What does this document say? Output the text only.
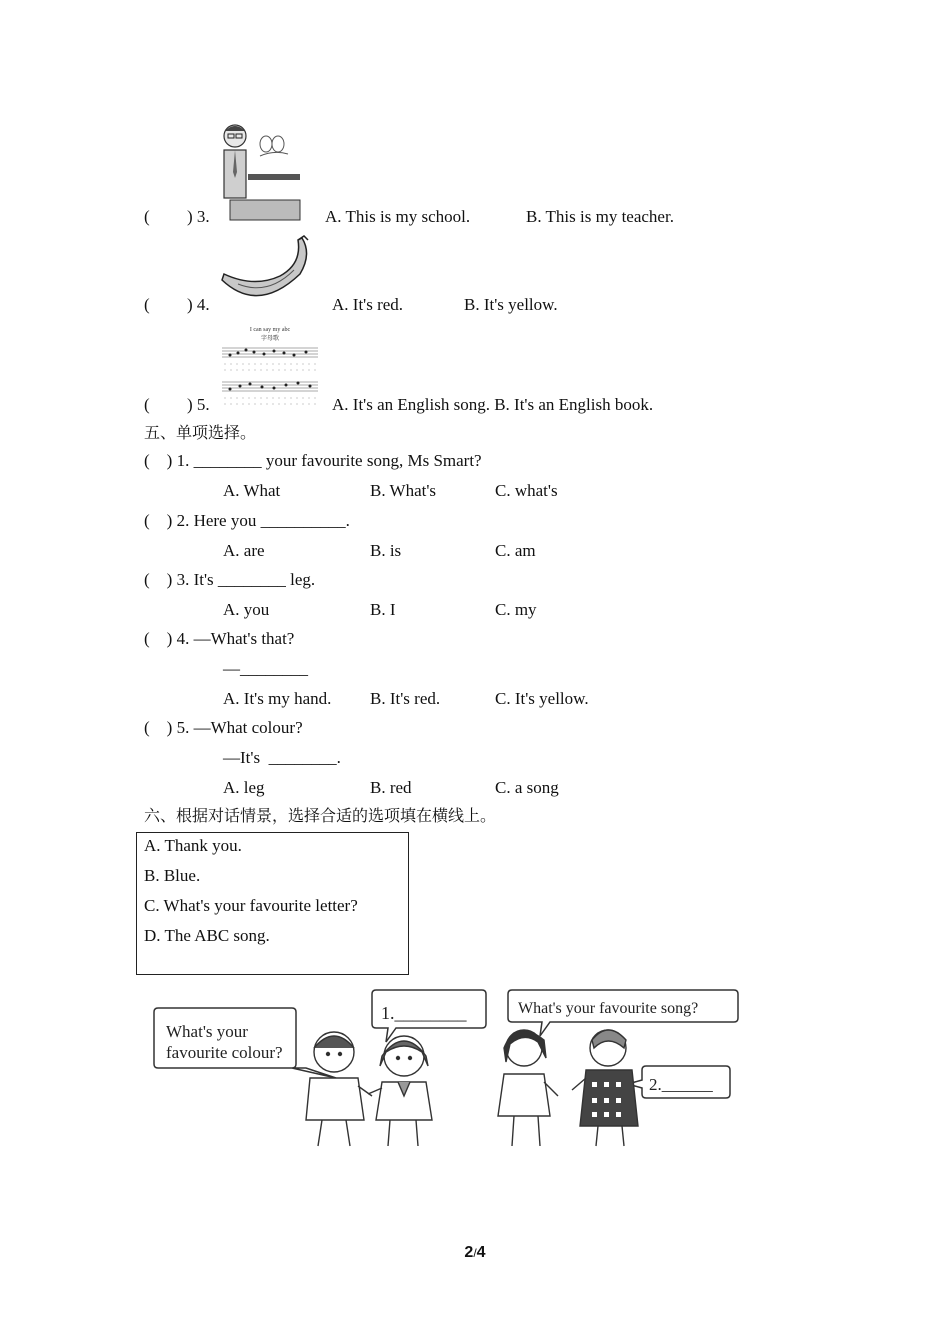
( ) 3.	A. This is my school.	B. This is my teacher.
( ) 4.	A. It's red.	B. It's yellow.
I can say my abc
字母歌
( ) 5.	A. It's an English song. B. It's an English book.
五、单项选择。
(    ) 1. ________ your favourite song, Ms Smart?
A. What	B. What's	C. what's
(    ) 2. Here you __________.
A. are	B. is	C. am
(    ) 3. It's ________ leg.
A. you	B. I	C. my
(    ) 4. —What's that?
—________
A. It's my hand. B. It's red.	C. It's yellow.
(    ) 5. —What colour?
—It's  ________.
A. leg	B. red	C. a song
六、根据对话情景，选择合适的选项填在横线上。
A. Thank you.
B. Blue.
C. What's your favourite letter?
D. The ABC song.
What's your
favourite colour?
1.________	What's your favourite song?
2.______
2/4
